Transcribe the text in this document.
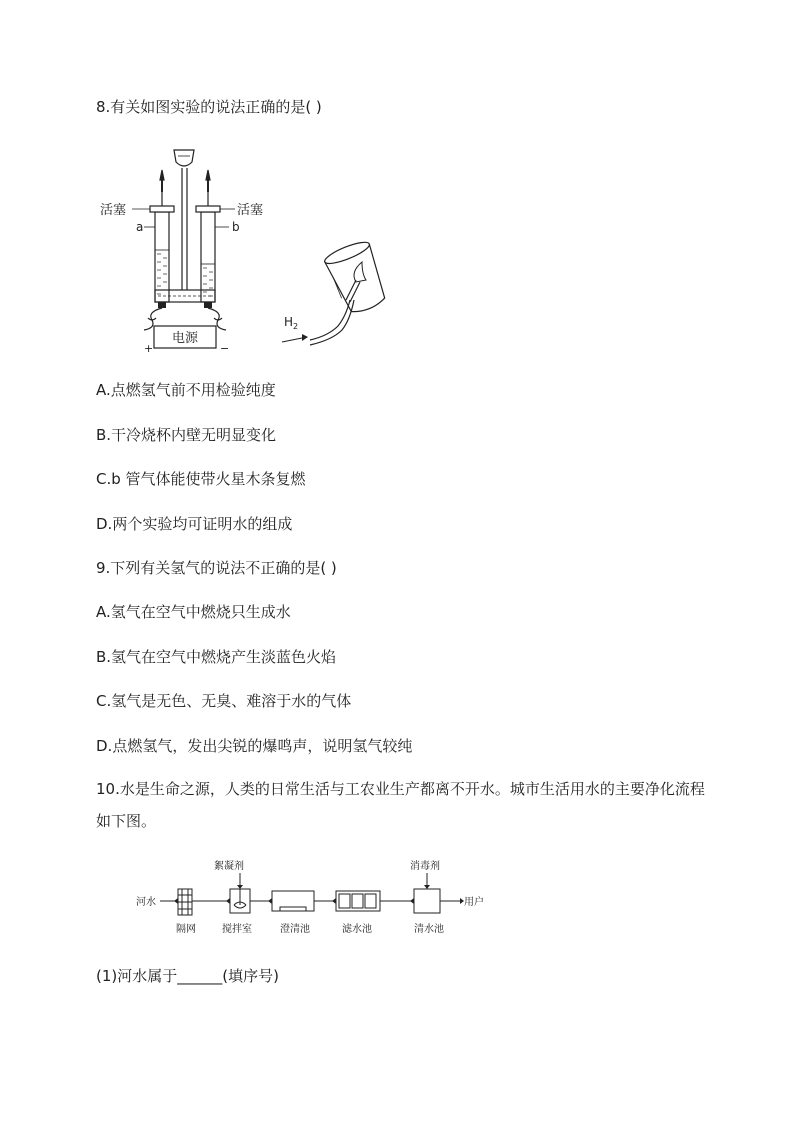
8.有关如图实验的说法正确的是( )
电源
+	−
活塞	活塞
a	b
$H_2$
A.点燃氢气前不用检验纯度
B.干冷烧杯内壁无明显变化
C.b 管气体能使带火星木条复燃
D.两个实验均可证明水的组成
9.下列有关氢气的说法不正确的是( )
A.氢气在空气中燃烧只生成水
B.氢气在空气中燃烧产生淡蓝色火焰
C.氢气是无色、无臭、难溶于水的气体
D.点燃氢气，发出尖锐的爆鸣声，说明氢气较纯
10.水是生命之源，人类的日常生活与工农业生产都离不开水。城市生活用水的主要净化流程如下图。
河水
絮凝剂	消毒剂
用户
隔网	搅拌室	澄清池	滤水池	清水池
(1)河水属于______(填序号)
